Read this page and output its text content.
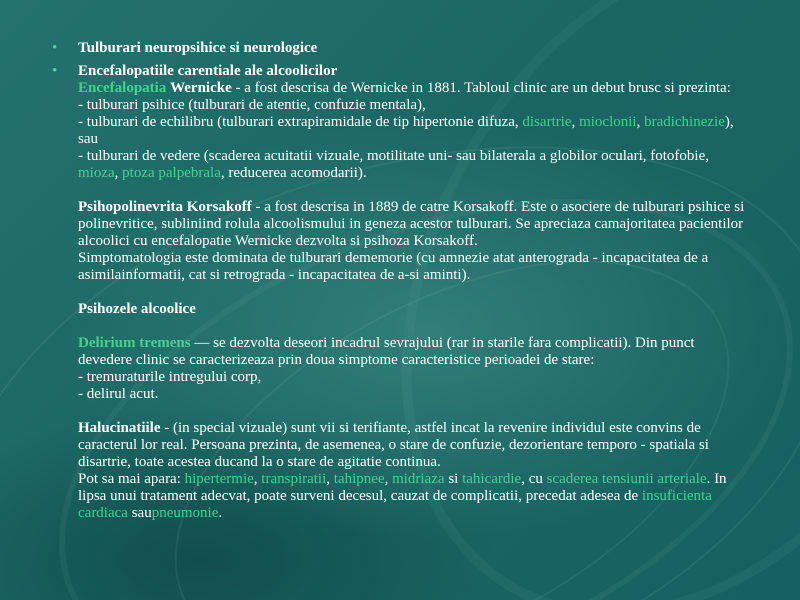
•	Tulburari neuropsihice si neurologice
•	Encefalopatiile carentiale ale alcoolicilor
Encefalopatia Wernicke - a fost descrisa de Wernicke in 1881. Tabloul clinic are un debut brusc si prezinta:
- tulburari psihice (tulburari de atentie, confuzie mentala),
- tulburari de echilibru (tulburari extrapiramidale de tip hipertonie difuza, disartrie, mioclonii, bradichinezie), sau
- tulburari de vedere (scaderea acuitatii vizuale, motilitate uni- sau bilaterala a globilor oculari, fotofobie, mioza, ptoza palpebrala, reducerea acomodarii).
Psihopolinevrita Korsakoff - a fost descrisa in 1889 de catre Korsakoff. Este o asociere de tulburari psihice si polinevritice, subliniind rolula alcoolismului in geneza acestor tulburari. Se apreciaza camajoritatea pacientilor alcoolici cu encefalopatie Wernicke dezvolta si psihoza Korsakoff.
Simptomatologia este dominata de tulburari dememorie (cu amnezie atat anterograda - incapacitatea de a asimilainformatii, cat si retrograda - incapacitatea de a-si aminti).
Psihozele alcoolice
Delirium tremens — se dezvolta deseori incadrul sevrajului (rar in starile fara complicatii). Din punct devedere clinic se caracterizeaza prin doua simptome caracteristice perioadei de stare:
- tremuraturile intregului corp,
- delirul acut.
Halucinatiile - (in special vizuale) sunt vii si terifiante, astfel incat la revenire individul este convins de caracterul lor real. Persoana prezinta, de asemenea, o stare de confuzie, dezorientare temporo - spatiala si disartrie, toate acestea ducand la o stare de agitatie continua.
Pot sa mai apara: hipertermie, transpiratii, tahipnee, midriaza si tahicardie, cu scaderea tensiunii arteriale. In lipsa unui tratament adecvat, poate surveni decesul, cauzat de complicatii, precedat adesea de insuficienta cardiaca saupneumonie.
